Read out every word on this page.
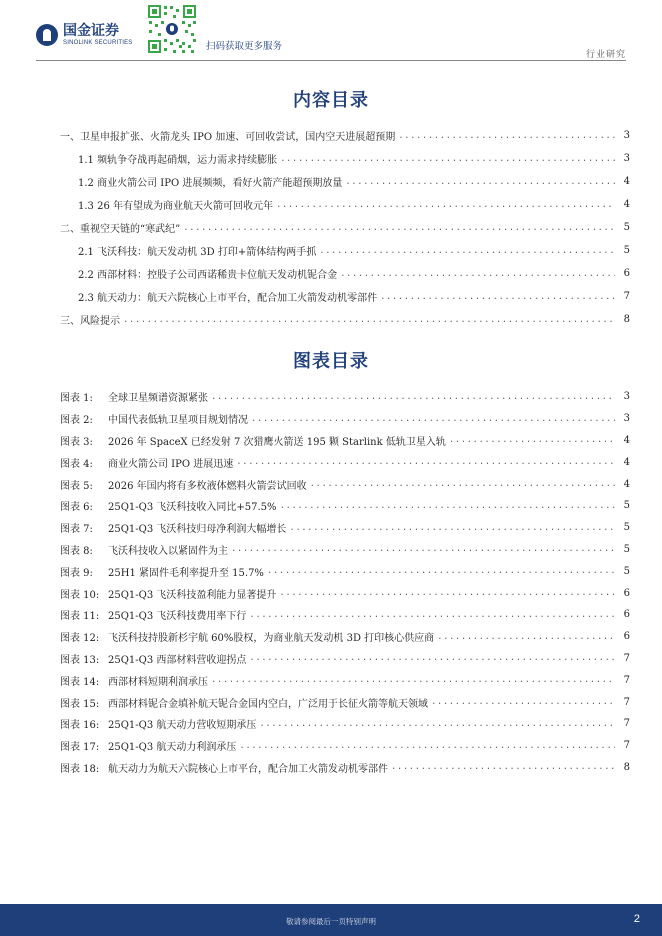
国金证券
SINOLINK SECURITIES	扫码获取更多服务
行业研究
内容目录
一、卫星申报扩张、火箭龙头 IPO 加速、可回收尝试，国内空天进展超预期 .....	3
1.1 频轨争夺战再起硝烟，运力需求持续膨胀 .....	3
1.2 商业火箭公司 IPO 进展频频，看好火箭产能超预期放量 .....	4
1.3 26 年有望成为商业航天火箭可回收元年 .....	4
二、重视空天链的“寒武纪” .....	5
2.1 飞沃科技：航天发动机 3D 打印+箭体结构两手抓 .....	5
2.2 西部材料：控股子公司西诺稀贵卡位航天发动机铌合金 .....	6
2.3 航天动力：航天六院核心上市平台，配合加工火箭发动机零部件 .....	7
三、风险提示 .....	8
图表目录
图表 1:	全球卫星频谱资源紧张 .....	3
图表 2:	中国代表低轨卫星项目规划情况 .....	3
图表 3:	2026 年 SpaceX 已经发射 7 次猎鹰火箭送 195 颗 Starlink 低轨卫星入轨 .....	4
图表 4:	商业火箭公司 IPO 进展迅速 .....	4
图表 5:	2026 年国内将有多枚液体燃料火箭尝试回收 .....	4
图表 6:	25Q1-Q3 飞沃科技收入同比+57.5% .....	5
图表 7:	25Q1-Q3 飞沃科技归母净利润大幅增长 .....	5
图表 8:	飞沃科技收入以紧固件为主 .....	5
图表 9:	25H1 紧固件毛利率提升至 15.7% .....	5
图表 10: 25Q1-Q3 飞沃科技盈利能力显著提升 .....	6
图表 11: 25Q1-Q3 飞沃科技费用率下行 .....	6
图表 12: 飞沃科技持股新杉宇航 60%股权，为商业航天发动机 3D 打印核心供应商 .....	6
图表 13: 25Q1-Q3 西部材料营收迎拐点 .....	7
图表 14: 西部材料短期利润承压 .....	7
图表 15: 西部材料铌合金填补航天铌合金国内空白，广泛用于长征火箭等航天领域 .....	7
图表 16: 25Q1-Q3 航天动力营收短期承压 .....	7
图表 17: 25Q1-Q3 航天动力利润承压 .....	7
图表 18: 航天动力为航天六院核心上市平台，配合加工火箭发动机零部件 .....	8
敬请参阅最后一页特别声明	2
